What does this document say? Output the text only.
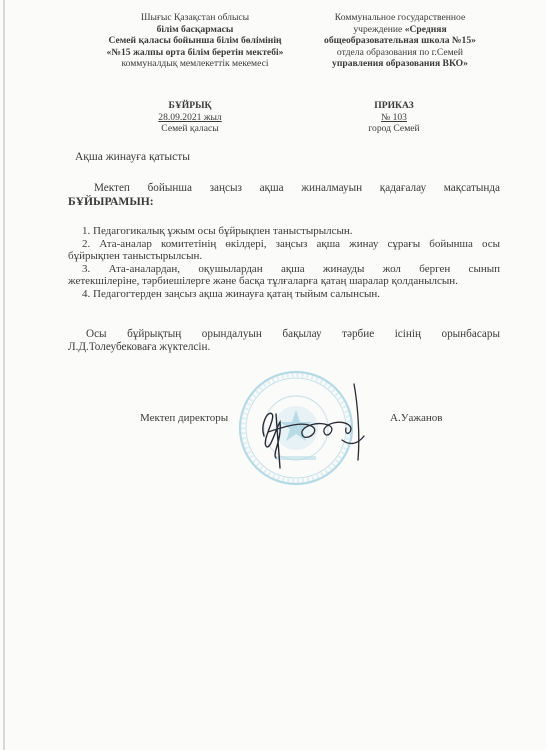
Шығыс Қазақстан облысы
білім басқармасы
Семей қаласы бойынша білім бөлімінің
«№15 жалпы орта білім беретін мектебі»
коммуналдық мемлекеттік мекемесі
Коммунальное государственное
учреждение «Средняя
общеобразовательная школа №15»
отдела образования по г.Семей
управления образования ВКО»
БҰЙРЫҚ
28.09.2021 жыл
Семей қаласы
ПРИКАЗ
№ 103
город Семей
Ақша жинауға қатысты
Мектеп бойынша заңсыз ақша жиналмауын қадағалау мақсатында
БҰЙЫРАМЫН:
1. Педагогикалық ұжым осы бұйрықпен таныстырылсын.
2. Ата-аналар комитетінің өкілдері, заңсыз ақша жинау сұрағы бойынша осы
бұйрықпен таныстырылсын.
3. Ата-аналардан, оқушылардан ақша жинауды жол берген сынып
жетекшілеріне, тәрбиешілерге және басқа тұлғаларға қатаң шаралар қолданылсын.
4. Педагогтерден заңсыз ақша жинауға қатаң тыйым салынсын.
Осы бұйрықтың орындалуын бақылау тәрбие ісінің орынбасары
Л.Д.Толеубековаға жүктелсін.
Мектеп директоры	А.Уажанов
